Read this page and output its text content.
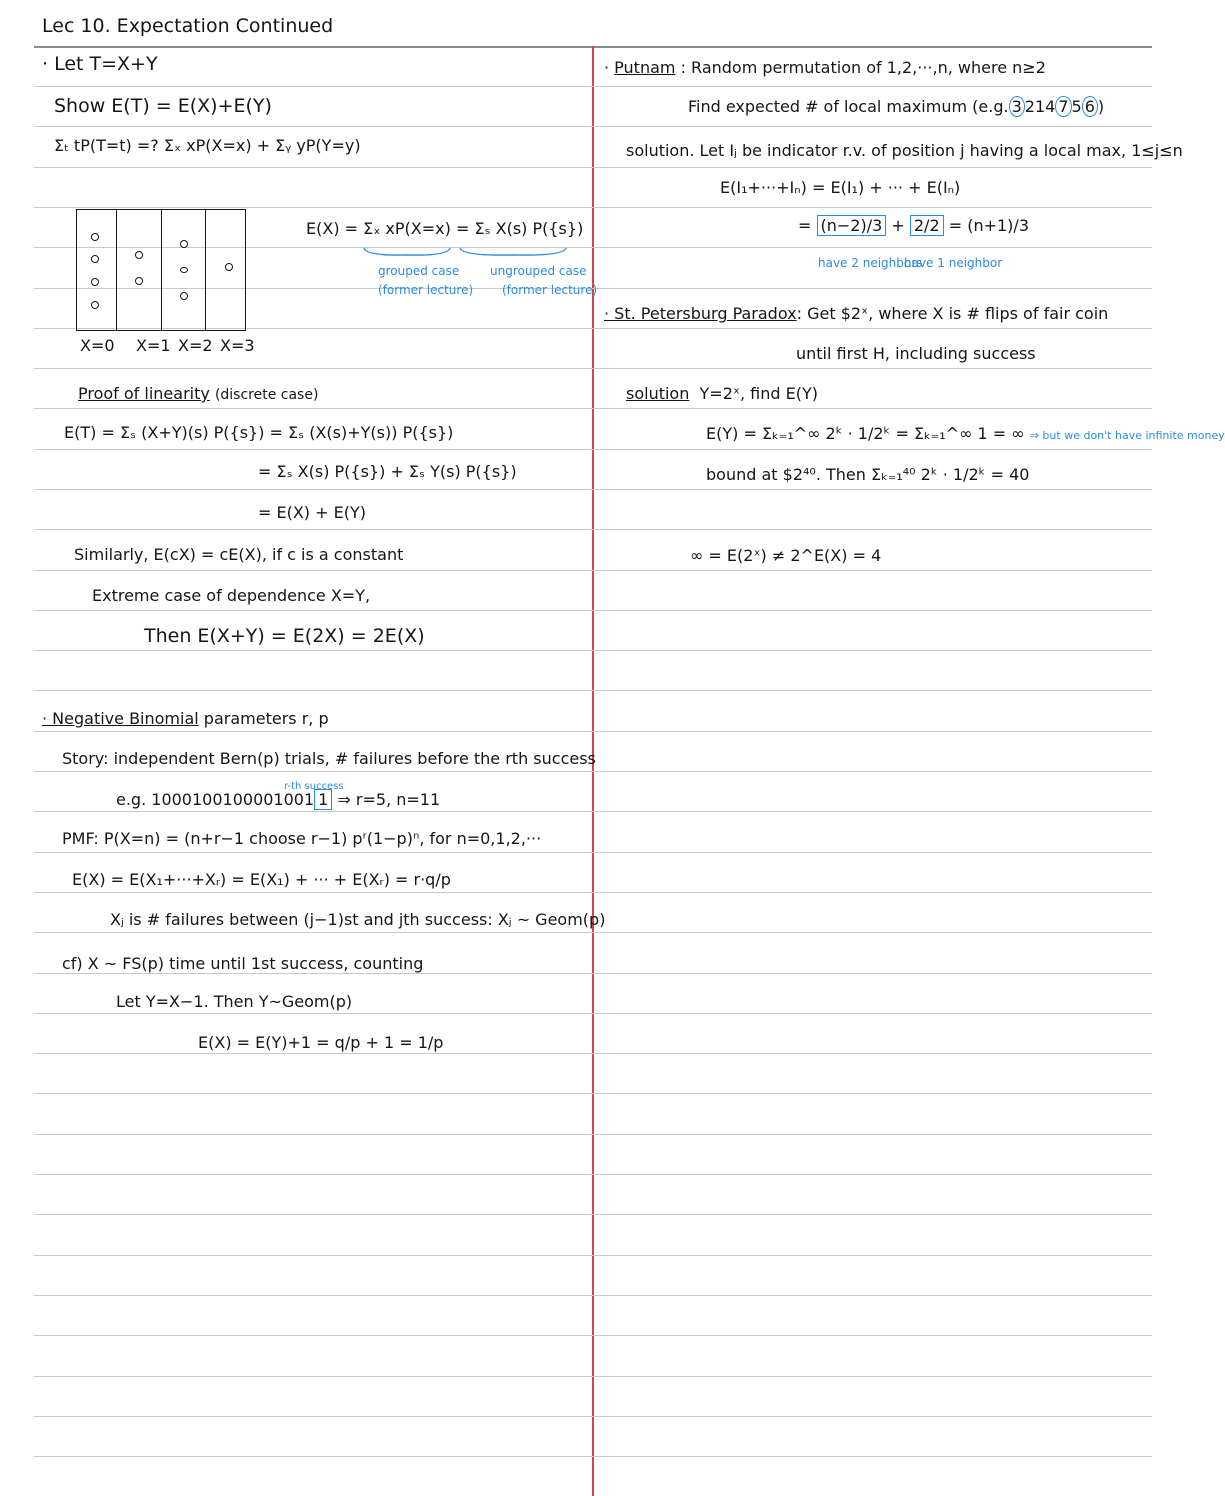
Lec 10. Expectation Continued
· Let T=X+Y
Show E(T) = E(X)+E(Y)
Σₜ tP(T=t) =? Σₓ xP(X=x) + Σᵧ yP(Y=y)
X=0 X=1 X=2 X=3
E(X) = Σₓ xP(X=x) = Σₛ X(s) P({s})
grouped case
(former lecture)
ungrouped case
(former lecture)
Proof of linearity (discrete case)
E(T) = Σₛ (X+Y)(s) P({s}) = Σₛ (X(s)+Y(s)) P({s})
= Σₛ X(s) P({s}) + Σₛ Y(s) P({s})
= E(X) + E(Y)
Similarly, E(cX) = cE(X), if c is a constant
Extreme case of dependence X=Y,
Then E(X+Y) = E(2X) = 2E(X)
· Negative Binomial parameters r, p
Story: independent Bern(p) trials, # failures before the rth success
r-th success
e.g. 1000100100001001 1 ⇒ r=5, n=11
PMF: P(X=n) = (n+r−1 choose r−1) pʳ(1−p)ⁿ, for n=0,1,2,···
E(X) = E(X₁+···+Xᵣ) = E(X₁) + ··· + E(Xᵣ) = r·q/p
Xⱼ is # failures between (j−1)st and jth success: Xⱼ ~ Geom(p)
cf) X ~ FS(p) time until 1st success, counting
Let Y=X−1. Then Y~Geom(p)
E(X) = E(Y)+1 = q/p + 1 = 1/p
· Putnam : Random permutation of 1,2,···,n, where n≥2
Find expected # of local maximum (e.g. 3 214 7 5 6 )
solution. Let Iⱼ be indicator r.v. of position j having a local max, 1≤j≤n
E(I₁+···+Iₙ) = E(I₁) + ··· + E(Iₙ)
= (n−2)/3 + 2/2 = (n+1)/3
have 2 neighbors
have 1 neighbor
· St. Petersburg Paradox: Get $2ˣ, where X is # flips of fair coin
until first H, including success
solution Y=2ˣ, find E(Y)
E(Y) = Σₖ₌₁^∞ 2ᵏ · 1/2ᵏ = Σₖ₌₁^∞ 1 = ∞ ⇒ but we don't have infinite money
bound at $2⁴⁰. Then Σₖ₌₁⁴⁰ 2ᵏ · 1/2ᵏ = 40
∞ = E(2ˣ) ≠ 2^E(X) = 4
